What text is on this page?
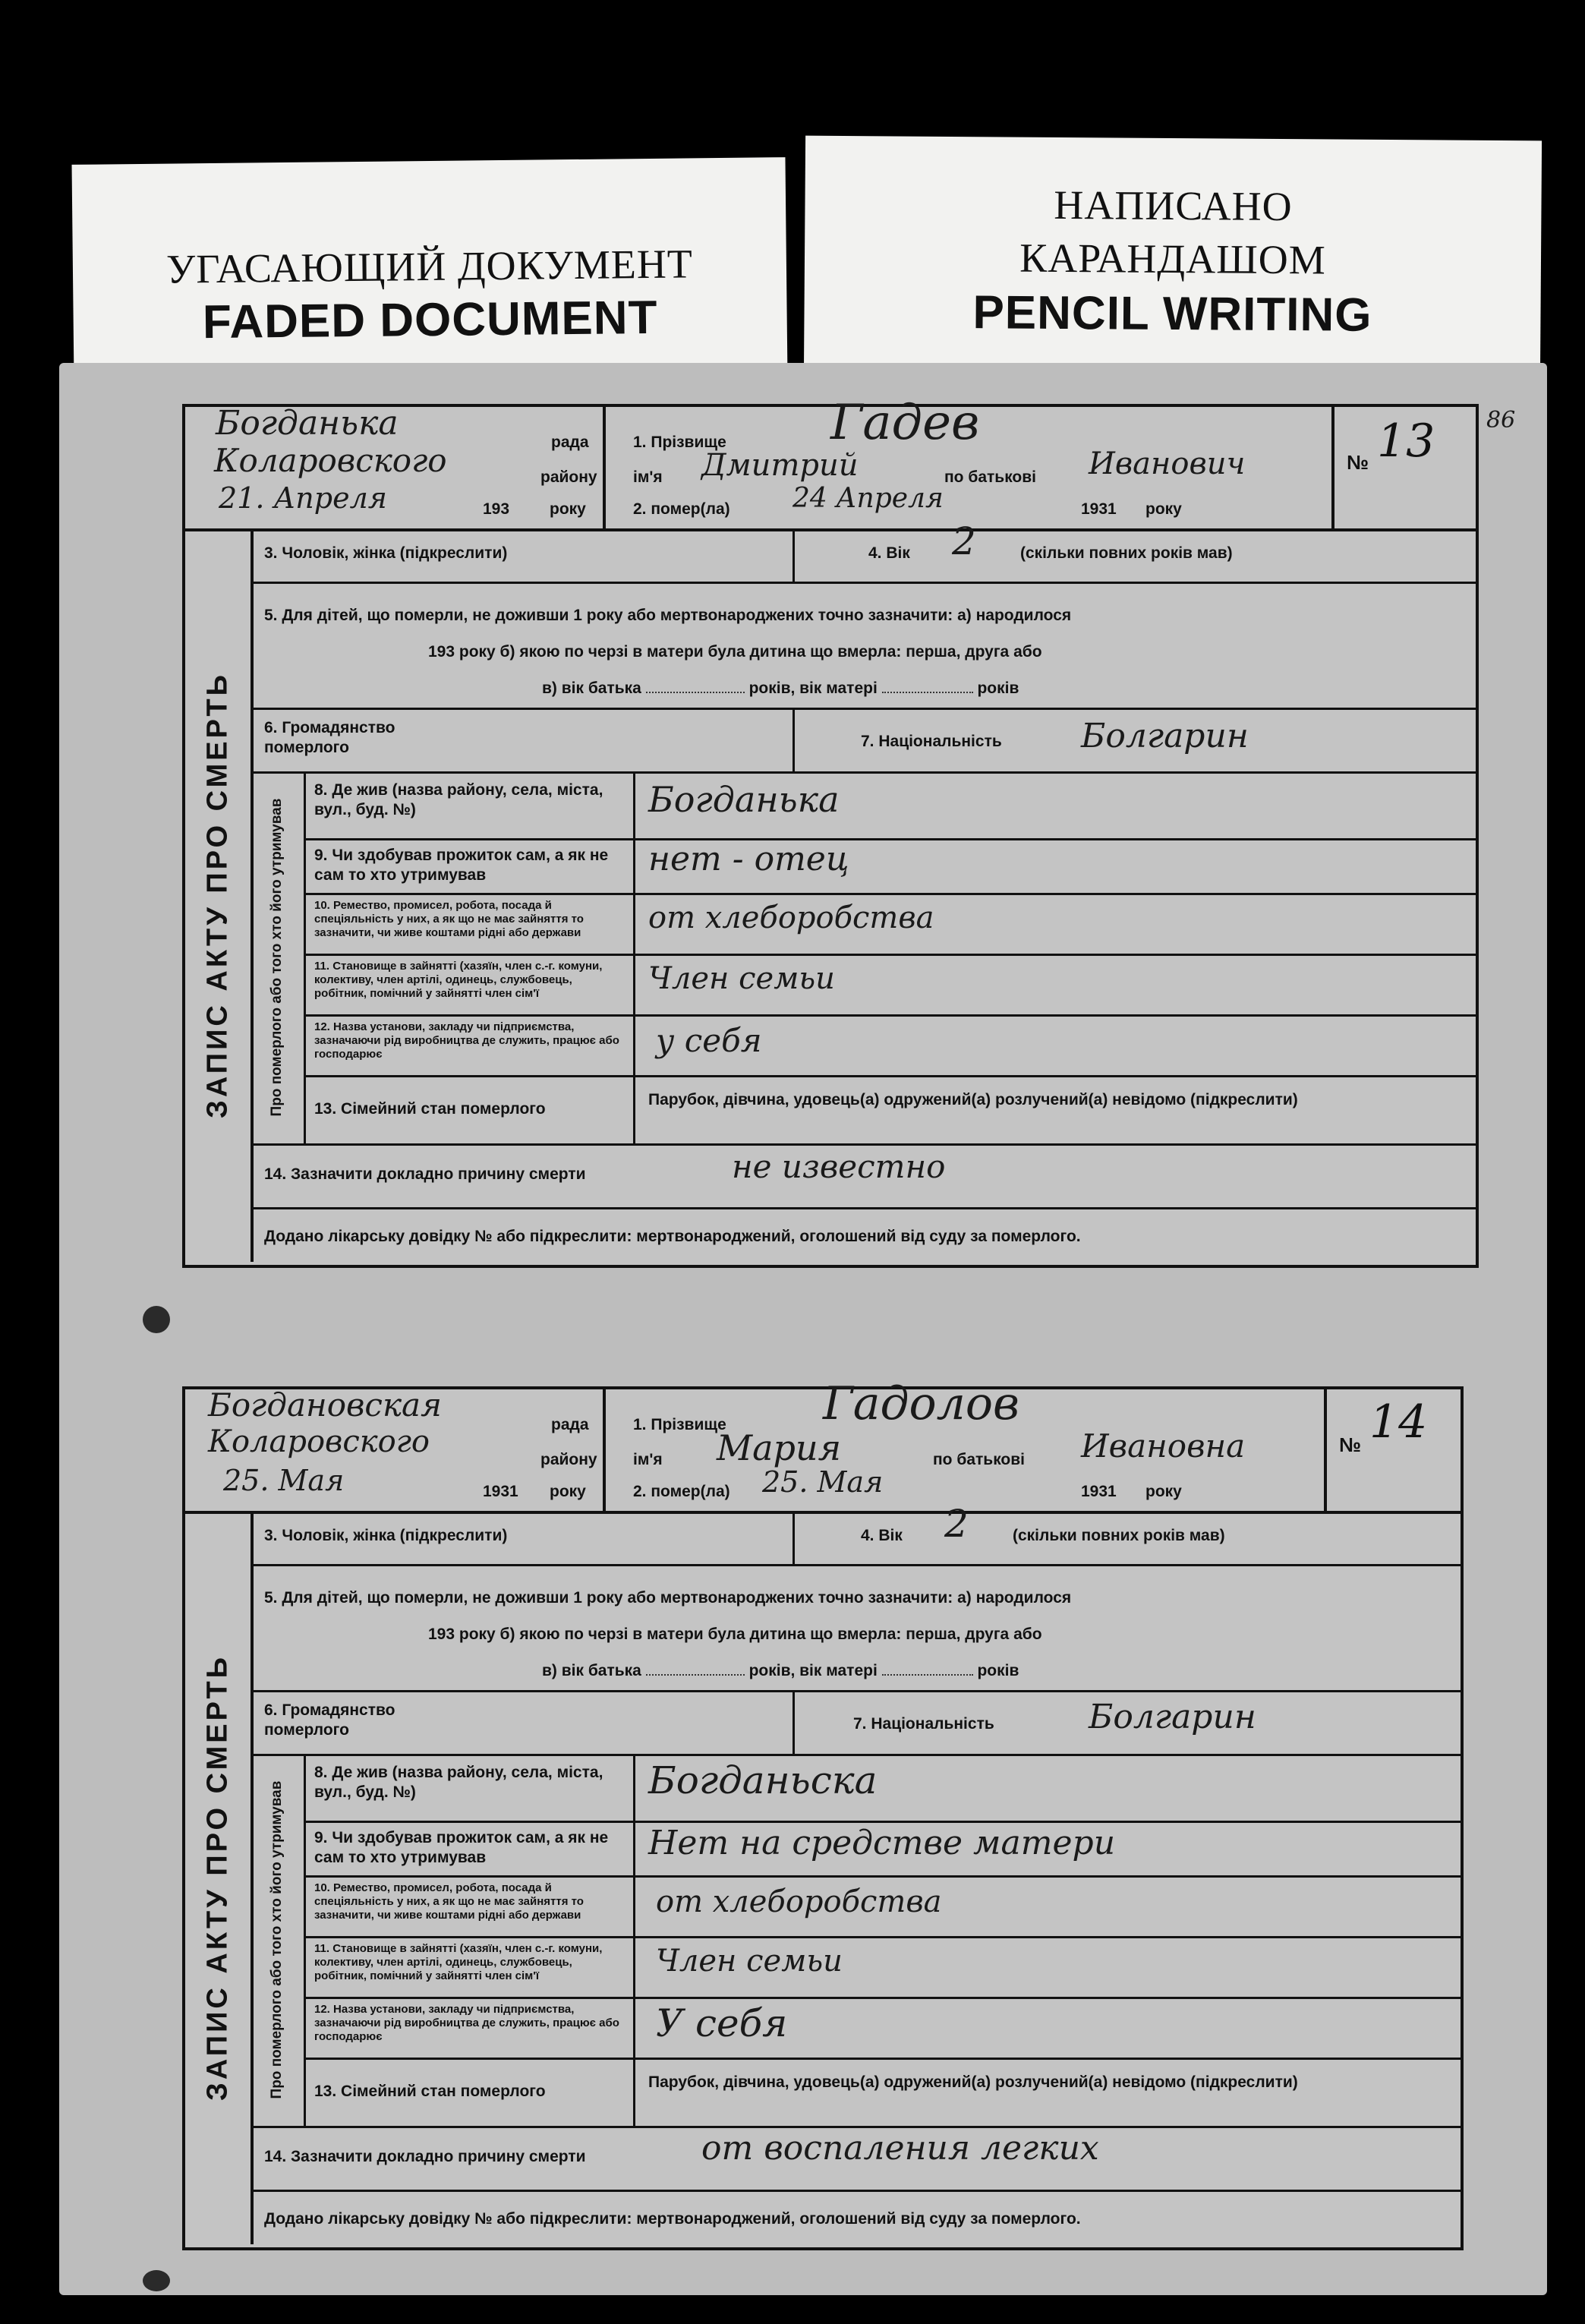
УГАСАЮЩИЙ ДОКУМЕНТ
FADED DOCUMENT
НАПИСАНО
КАРАНДАШОМ
PENCIL WRITING
86
Богданька	рада
Коларовского	району
21. Апреля	193	року
1. Прізвище Гадев
ім'я Дмитрий	по батькові Иванович
2. помер(ла) 24 Апреля	1931 року
№ 13
ЗАПИС АКТУ ПРО СМЕРТЬ
3. Чоловік, жінка (підкреслити)	4. Вік 2	(скільки повних років мав)
5. Для дітей, що померли, не доживши 1 року або мертвонароджених точно зазначити: а) народилося
193 року б) якою по черзі в матери була дитина що вмерла: перша, друга або
в) вік батька	років, вік матері	років
6. Громадянство померлого	7. Національність Болгарин
Про померлого або того хто його утримував
8. Де жив (назва району, села, міста, вул., буд. №)	Богданька
9. Чи здобував прожиток сам, а як не сам то хто утримував	нет - отец
10. Ремество, промисел, робота, посада й спеціяльність у них, а як що не має зайняття то зазначити, чи живе коштами рідні або держави	от хлеборобства
11. Становище в зайнятті (хазяїн, член с.-г. комуни, колективу, член артілі, одинець, службовець, робітник, помічний у зайнятті член сім'ї	Член семьи
12. Назва установи, закладу чи підприємства, зазначаючи рід виробництва де служить, працює або господарює	у себя
13. Сімейний стан померлого
Парубок, дівчина, удовець(а) одружений(а) розлучений(а) невідомо (підкреслити)
14. Зазначити докладно причину смерти	не известно
Додано лікарську довідку № або підкреслити: мертвонароджений, оголошений від суду за померлого.
Богдановская
рада
Коларовского
району
25. Мая	1931 року
1. Прізвище Гадолов
ім'я Мария	по батькові Ивановна
2. помер(ла) 25. Мая	1931 року
№ 14
ЗАПИС АКТУ ПРО СМЕРТЬ
3. Чоловік, жінка (підкреслити)	4. Вік 2	(скільки повних років мав)
5. Для дітей, що померли, не доживши 1 року або мертвонароджених точно зазначити: а) народилося
193 року б) якою по черзі в матери була дитина що вмерла: перша, друга або
в) вік батька	років, вік матері	років
6. Громадянство померлого	7. Національність	Болгарин
Про померлого або того хто його утримував
8. Де жив (назва району, села, міста, вул., буд. №)	Богданьска
9. Чи здобував прожиток сам, а як не сам то хто утримував	Нет на средстве матери
10. Ремество, промисел, робота, посада й спеціяльність у них, а як що не має зайняття то зазначити, чи живе коштами рідні або держави	от хлеборобства
11. Становище в зайнятті (хазяїн, член с.-г. комуни, колективу, член артілі, одинець, службовець, робітник, помічний у зайнятті член сім'ї	Член семьи
12. Назва установи, закладу чи підприємства, зазначаючи рід виробництва де служить, працює або господарює	У себя
13. Сімейний стан померлого
Парубок, дівчина, удовець(а) одружений(а) розлучений(а) невідомо (підкреслити)
14. Зазначити докладно причину смерти	от воспаления легких
Додано лікарську довідку № або підкреслити: мертвонароджений, оголошений від суду за померлого.
